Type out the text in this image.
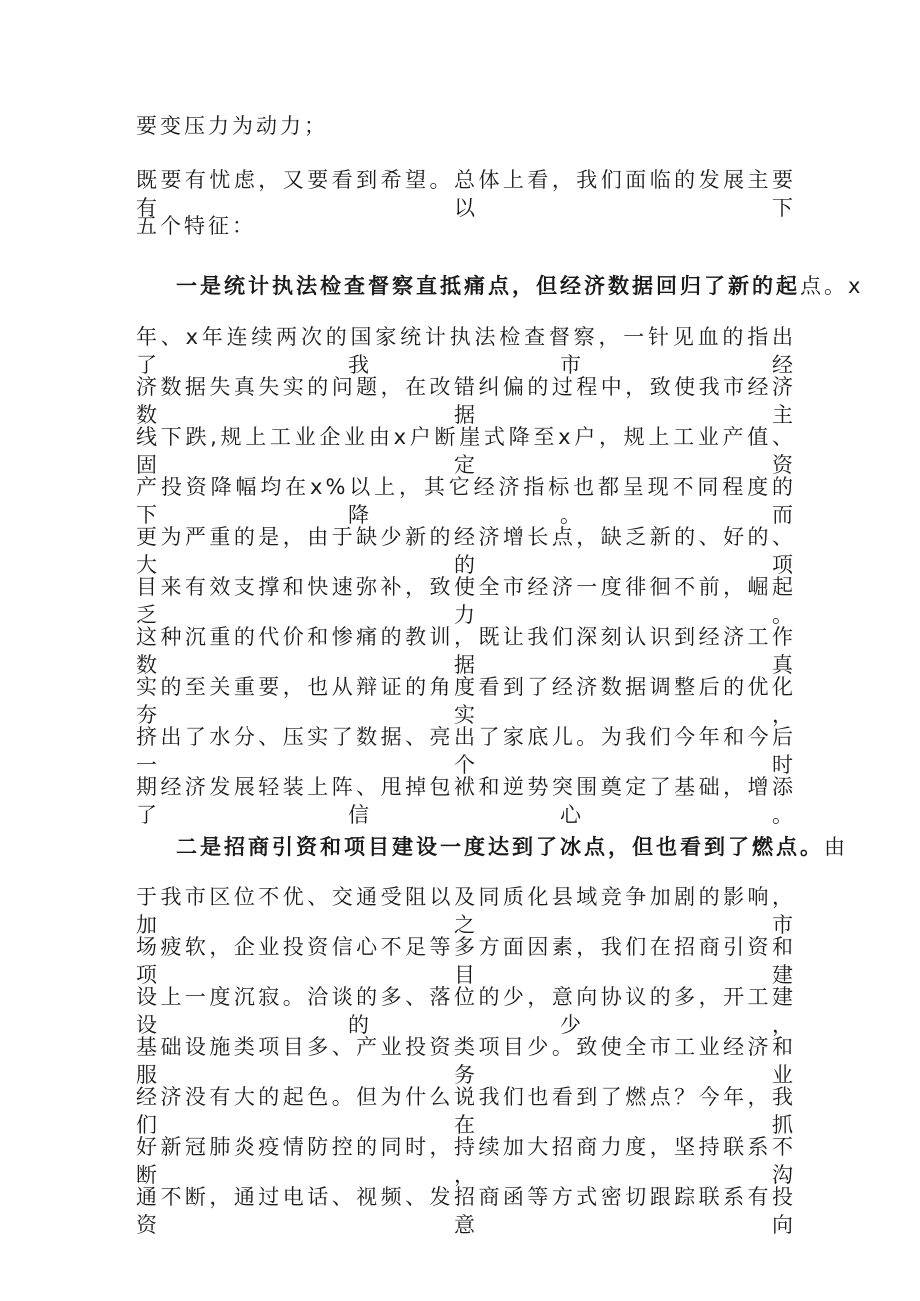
要变压力为动力；
既要有忧虑，又要看到希望。总体上看，我们面临的发展主要有以下
五个特征：
一是统计执法检查督察直抵痛点，但经济数据回归了新的起点。x
年、x年连续两次的国家统计执法检查督察，一针见血的指出了我市经
济数据失真失实的问题，在改错纠偏的过程中，致使我市经济数据主
线下跌,规上工业企业由x户断崖式降至x户，规上工业产值、固定资
产投资降幅均在x%以上，其它经济指标也都呈现不同程度的下降。而
更为严重的是，由于缺少新的经济增长点，缺乏新的、好的、大的项
目来有效支撑和快速弥补，致使全市经济一度徘徊不前，崛起乏力。
这种沉重的代价和惨痛的教训，既让我们深刻认识到经济工作数据真
实的至关重要，也从辩证的角度看到了经济数据调整后的优化夯实，
挤出了水分、压实了数据、亮出了家底儿。为我们今年和今后一个时
期经济发展轻装上阵、甩掉包袱和逆势突围奠定了基础，增添了信心。
二是招商引资和项目建设一度达到了冰点，但也看到了燃点。由
于我市区位不优、交通受阻以及同质化县域竞争加剧的影响，加之市
场疲软，企业投资信心不足等多方面因素，我们在招商引资和项目建
设上一度沉寂。洽谈的多、落位的少，意向协议的多，开工建设的少，
基础设施类项目多、产业投资类项目少。致使全市工业经济和服务业
经济没有大的起色。但为什么说我们也看到了燃点？今年，我们在抓
好新冠肺炎疫情防控的同时，持续加大招商力度，坚持联系不断，沟
通不断，通过电话、视频、发招商函等方式密切跟踪联系有投资意向
